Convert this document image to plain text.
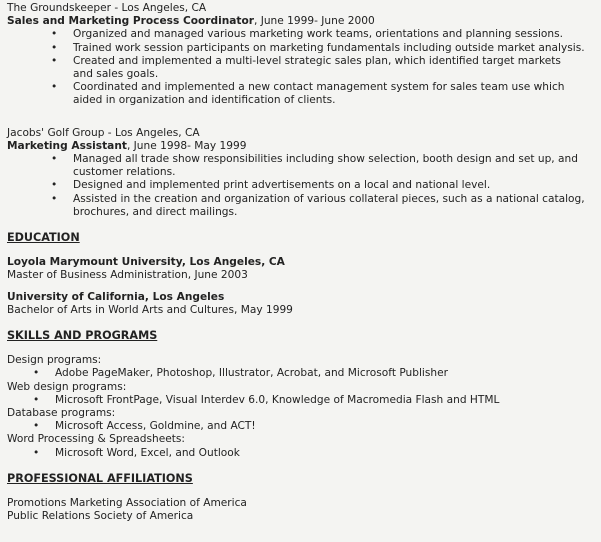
The Groundskeeper - Los Angeles, CA
Sales and Marketing Process Coordinator, June 1999- June 2000
• Organized and managed various marketing work teams, orientations and planning sessions.
• Trained work session participants on marketing fundamentals including outside market analysis.
• Created and implemented a multi-level strategic sales plan, which identified target markets and sales goals.
• Coordinated and implemented a new contact management system for sales team use which aided in organization and identification of clients.
Jacobs' Golf Group - Los Angeles, CA
Marketing Assistant, June 1998- May 1999
• Managed all trade show responsibilities including show selection, booth design and set up, and customer relations.
• Designed and implemented print advertisements on a local and national level.
• Assisted in the creation and organization of various collateral pieces, such as a national catalog, brochures, and direct mailings.
EDUCATION
Loyola Marymount University, Los Angeles, CA
Master of Business Administration, June 2003
University of California, Los Angeles
Bachelor of Arts in World Arts and Cultures, May 1999
SKILLS AND PROGRAMS
Design programs:
• Adobe PageMaker, Photoshop, Illustrator, Acrobat, and Microsoft Publisher
Web design programs:
• Microsoft FrontPage, Visual Interdev 6.0, Knowledge of Macromedia Flash and HTML
Database programs:
• Microsoft Access, Goldmine, and ACT!
Word Processing & Spreadsheets:
• Microsoft Word, Excel, and Outlook
PROFESSIONAL AFFILIATIONS
Promotions Marketing Association of America
Public Relations Society of America
